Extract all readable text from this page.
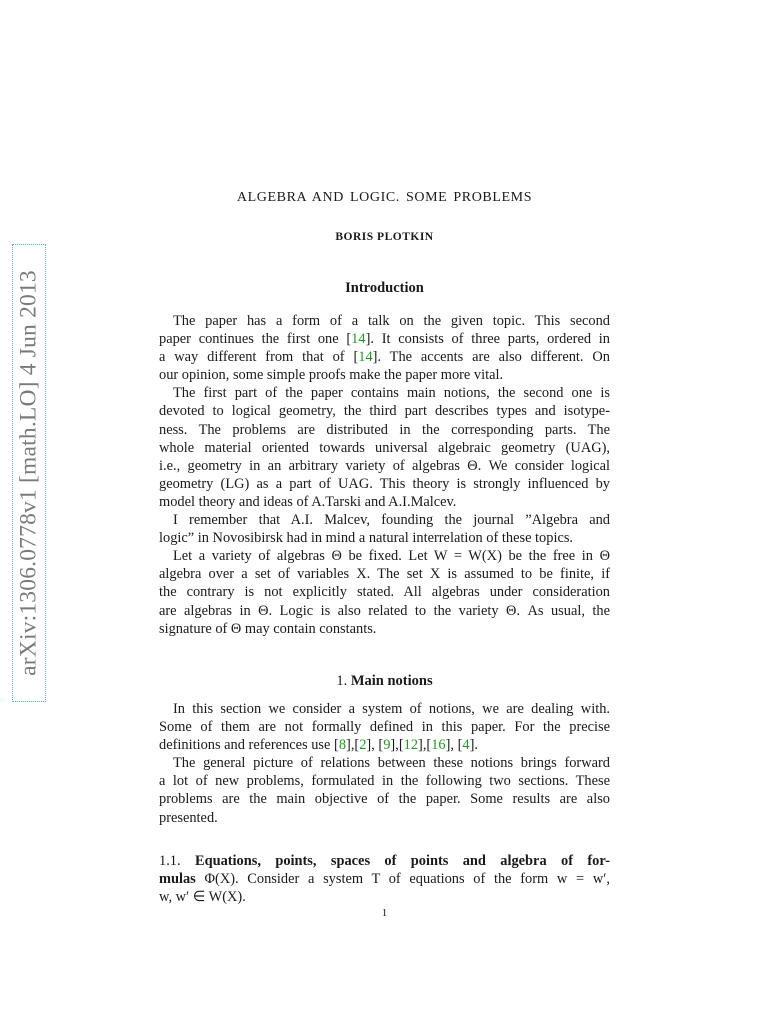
arXiv:1306.0778v1 [math.LO] 4 Jun 2013
ALGEBRA AND LOGIC. SOME PROBLEMS
BORIS PLOTKIN
Introduction
The paper has a form of a talk on the given topic. This second
paper continues the first one [14]. It consists of three parts, ordered in
a way different from that of [14]. The accents are also different. On
our opinion, some simple proofs make the paper more vital.
The first part of the paper contains main notions, the second one is
devoted to logical geometry, the third part describes types and isotype-
ness. The problems are distributed in the corresponding parts. The
whole material oriented towards universal algebraic geometry (UAG),
i.e., geometry in an arbitrary variety of algebras Θ. We consider logical
geometry (LG) as a part of UAG. This theory is strongly influenced by
model theory and ideas of A.Tarski and A.I.Malcev.
I remember that A.I. Malcev, founding the journal ”Algebra and
logic” in Novosibirsk had in mind a natural interrelation of these topics.
Let a variety of algebras Θ be fixed. Let W = W(X) be the free in Θ
algebra over a set of variables X. The set X is assumed to be finite, if
the contrary is not explicitly stated. All algebras under consideration
are algebras in Θ. Logic is also related to the variety Θ. As usual, the
signature of Θ may contain constants.
1. Main notions
In this section we consider a system of notions, we are dealing with.
Some of them are not formally defined in this paper. For the precise
definitions and references use [8],[2], [9],[12],[16], [4].
The general picture of relations between these notions brings forward
a lot of new problems, formulated in the following two sections. These
problems are the main objective of the paper. Some results are also
presented.
1.1. Equations, points, spaces of points and algebra of for-
mulas Φ(X). Consider a system T of equations of the form w = w′,
w, w′ ∈ W(X).
1
